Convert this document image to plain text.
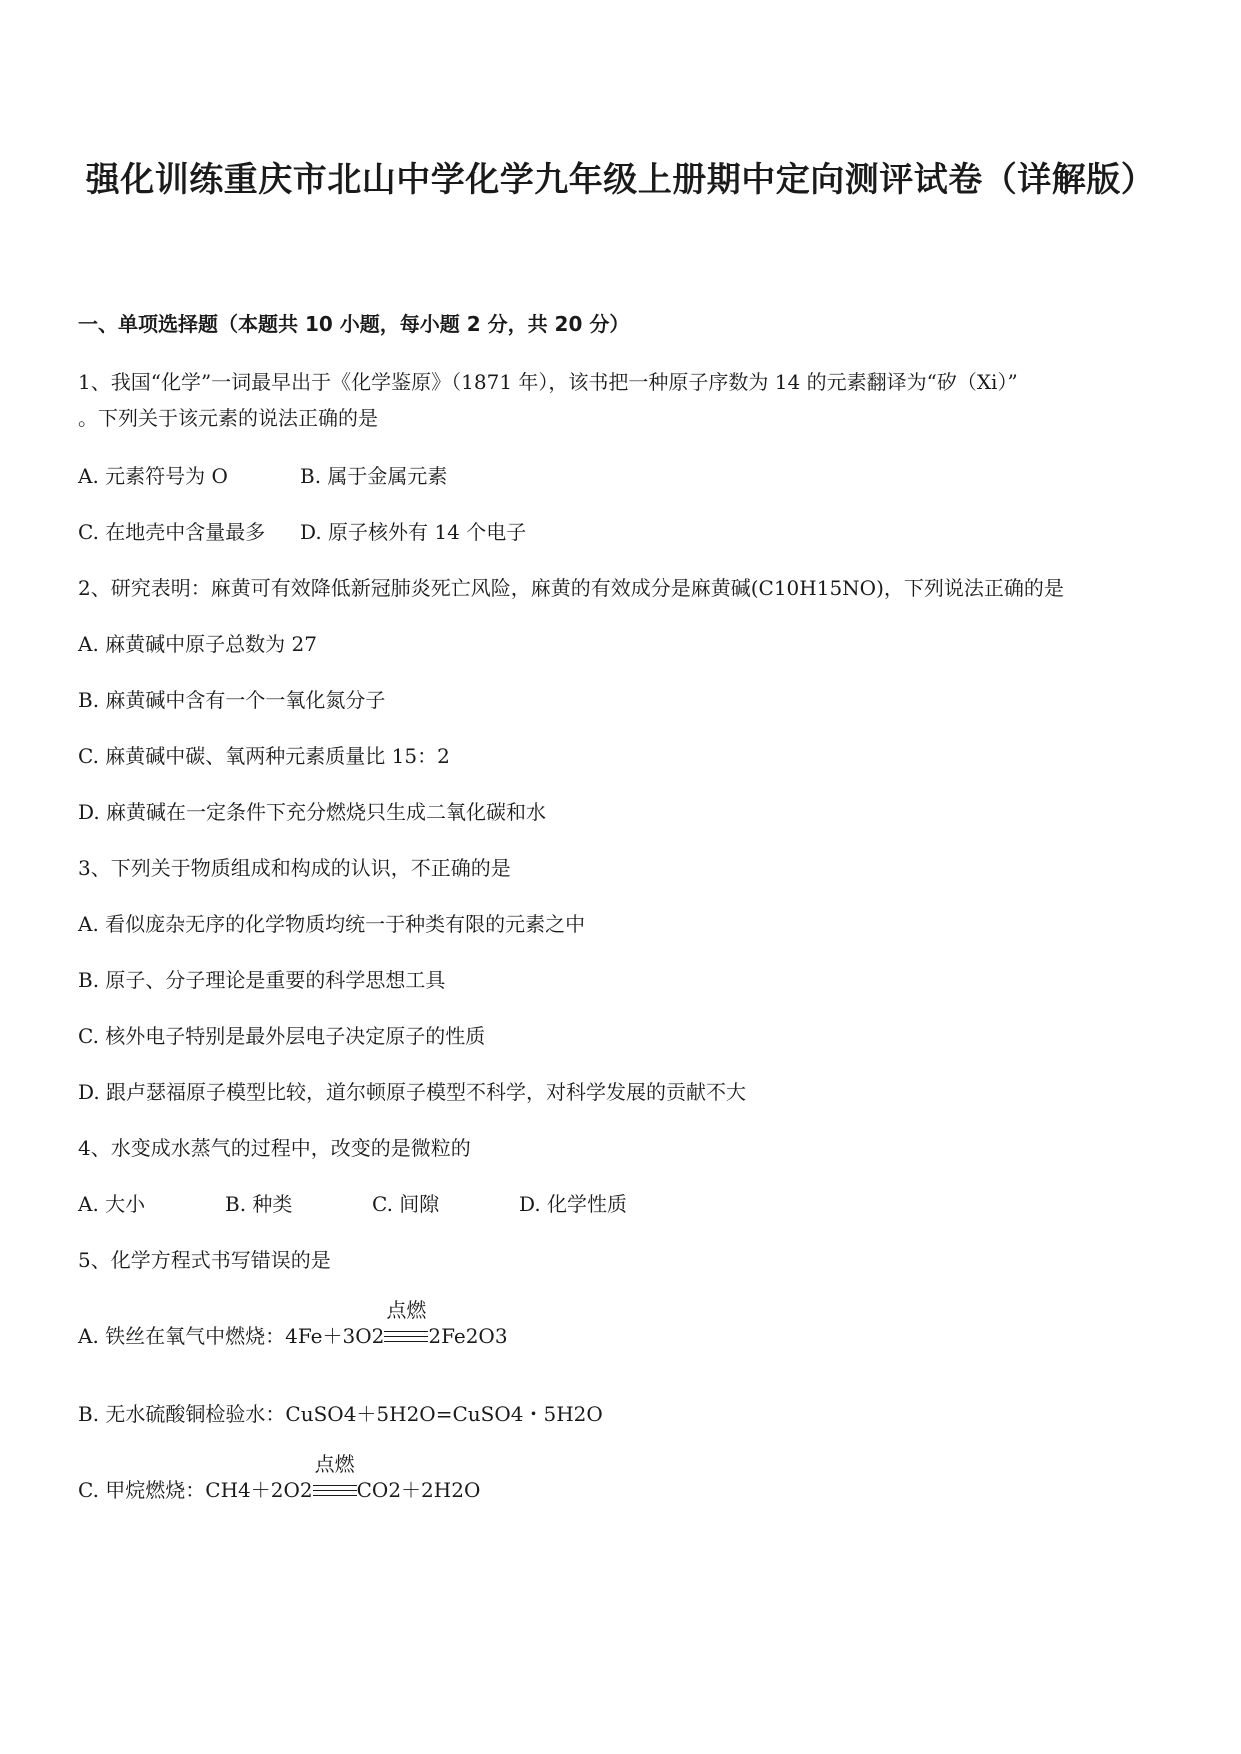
强化训练重庆市北山中学化学九年级上册期中定向测评试卷（详解版）
一、单项选择题（本题共 10 小题，每小题 2 分，共 20 分）
1、我国“化学”一词最早出于《化学鉴原》（1871 年），该书把一种原子序数为 14 的元素翻译为“矽（Xi）”
。下列关于该元素的说法正确的是
A. 元素符号为 O	B. 属于金属元素
C. 在地壳中含量最多 D. 原子核外有 14 个电子
2、研究表明：麻黄可有效降低新冠肺炎死亡风险，麻黄的有效成分是麻黄碱(C10H15NO)，下列说法正确的是
A. 麻黄碱中原子总数为 27
B. 麻黄碱中含有一个一氧化氮分子
C. 麻黄碱中碳、氧两种元素质量比 15：2
D. 麻黄碱在一定条件下充分燃烧只生成二氧化碳和水
3、下列关于物质组成和构成的认识，不正确的是
A. 看似庞杂无序的化学物质均统一于种类有限的元素之中
B. 原子、分子理论是重要的科学思想工具
C. 核外电子特别是最外层电子决定原子的性质
D. 跟卢瑟福原子模型比较，道尔顿原子模型不科学，对科学发展的贡献不大
4、水变成水蒸气的过程中，改变的是微粒的
A. 大小	B. 种类	C. 间隙	D. 化学性质
5、化学方程式书写错误的是
A. 铁丝在氧气中燃烧：4Fe＋3O2
点燃
2Fe2O3
B. 无水硫酸铜检验水：CuSO4＋5H2O=CuSO4・5H2O
C. 甲烷燃烧：CH4＋2O2
点燃
CO2＋2H2O
